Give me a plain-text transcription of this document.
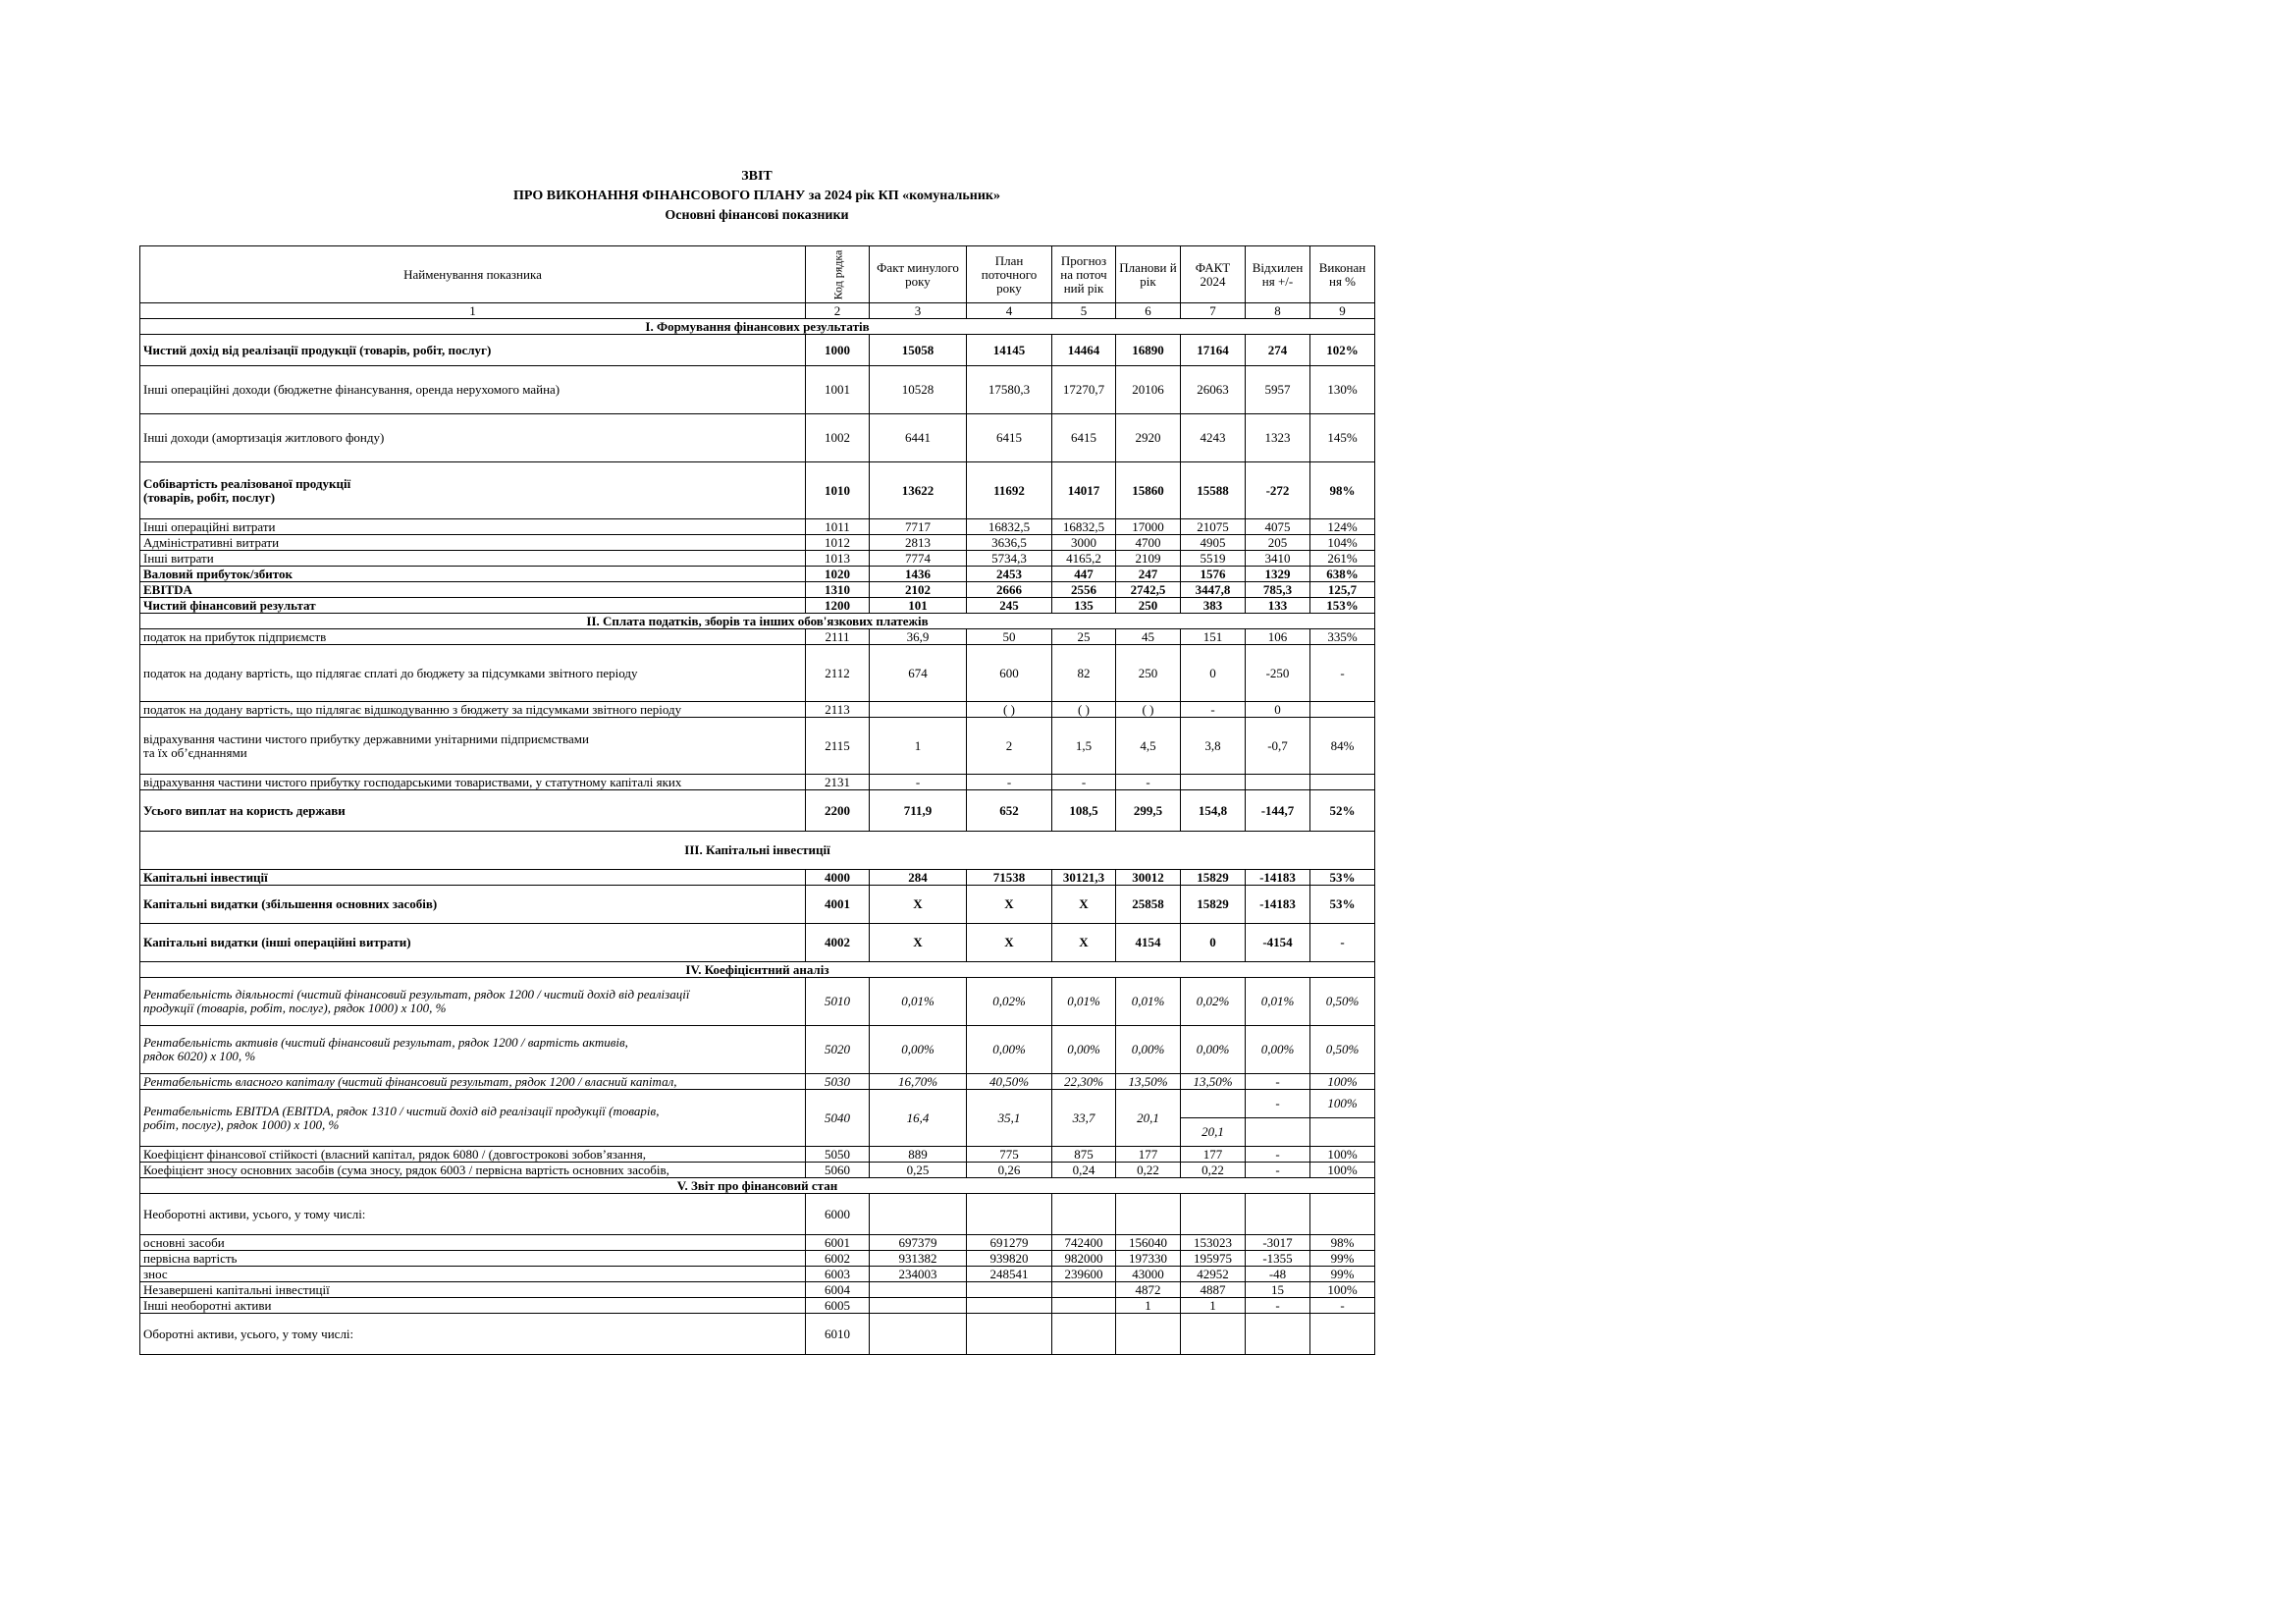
ЗВІТ
ПРО ВИКОНАННЯ ФІНАНСОВОГО ПЛАНУ за 2024 рік КП «комунальник»
Основні фінансові показники
Найменування показника	Код рядка	Факт минулого року	План поточного року	Прогноз на поточ ний рік	Планови й рік	ФАКТ 2024	Відхилен ня +/-	Виконан ня %
1	2	3	4	5	6	7	8	9
I. Формування фінансових результатів								

Чистий дохід від реалізації продукції (товарів, робіт, послуг)	1000	15058	14145	14464	16890	17164	274	102%

Інші операційні доходи (бюджетне фінансування, оренда нерухомого майна)	1001	10528	17580,3	17270,7	20106	26063	5957	130%

Інші доходи (амортизація житлового фонду)	1002	6441	6415	6415	2920	4243	1323	145%

Собівартість реалізованої продукції
(товарів, робіт, послуг)	1010	13622	11692	14017	15860	15588	-272	98%

Інші операційні витрати	1011	7717	16832,5	16832,5	17000	21075	4075	124%

Адміністративні витрати	1012	2813	3636,5	3000	4700	4905	205	104%

Інші витрати	1013	7774	5734,3	4165,2	2109	5519	3410	261%

Валовий прибуток/збиток	1020	1436	2453	447	247	1576	1329	638%

EBITDA	1310	2102	2666	2556	2742,5	3447,8	785,3	125,7

Чистий фінансовий результат	1200	101	245	135	250	383	133	153%
II. Сплата податків, зборів та інших обов'язкових платежів								

податок на прибуток підприємств	2111	36,9	50	25	45	151	106	335%

податок на додану вартість, що підлягає сплаті до бюджету за підсумками звітного періоду	2112	674	600	82	250	0	-250	-

податок на додану вартість, що підлягає відшкодуванню з бюджету за підсумками звітного періоду	2113		( )	( )	( )	-	0	

відрахування частини чистого прибутку державними унітарними підприємствами
та їх об’єднаннями	2115	1	2	1,5	4,5	3,8	-0,7	84%

відрахування частини чистого прибутку господарськими товариствами, у статутному капіталі яких	2131	-	-	-	-			

Усього виплат на користь держави	2200	711,9	652	108,5	299,5	154,8	-144,7	52%
III. Капітальні інвестиції								

Капітальні інвестиції	4000	284	71538	30121,3	30012	15829	-14183	53%

Капітальні видатки (збільшення основних засобів)	4001	X	X	X	25858	15829	-14183	53%

Капітальні видатки (інші операційні витрати)	4002	X	X	X	4154	0	-4154	-
IV. Коефіцієнтний аналіз								

Рентабельність діяльності (чистий фінансовий результат, рядок 1200 / чистий дохід від реалізації
продукції (товарів, робіт, послуг), рядок 1000) х 100, %	5010	0,01%	0,02%	0,01%	0,01%	0,02%	0,01%	0,50%

Рентабельність активів (чистий фінансовий результат, рядок 1200 / вартість активів,
рядок 6020) х 100, %	5020	0,00%	0,00%	0,00%	0,00%	0,00%	0,00%	0,50%

Рентабельність власного капіталу (чистий фінансовий результат, рядок 1200 / власний капітал,	5030	16,70%	40,50%	22,30%	13,50%	13,50%	-	100%

Рентабельність EBITDA (EBITDA, рядок 1310 / чистий дохід від реалізації продукції (товарів,
робіт, послуг), рядок 1000) х 100, %	5040	16,4	35,1	33,7	20,1	20,1	-	100%

Коефіцієнт фінансової стійкості (власний капітал, рядок 6080 / (довгострокові зобов’язання,	5050	889	775	875	177	177	-	100%

Коефіцієнт зносу основних засобів (сума зносу, рядок 6003 / первісна вартість основних засобів,	5060	0,25	0,26	0,24	0,22	0,22	-	100%
V. Звіт про фінансовий стан								

Необоротні активи, усього, у тому числі:	6000							

основні засоби	6001	697379	691279	742400	156040	153023	-3017	98%

первісна вартість	6002	931382	939820	982000	197330	195975	-1355	99%

знос	6003	234003	248541	239600	43000	42952	-48	99%

Незавершені капітальні інвестиції	6004				4872	4887	15	100%

Інші необоротні активи	6005				1	1	-	-

Оборотні активи, усього, у тому числі:	6010							
